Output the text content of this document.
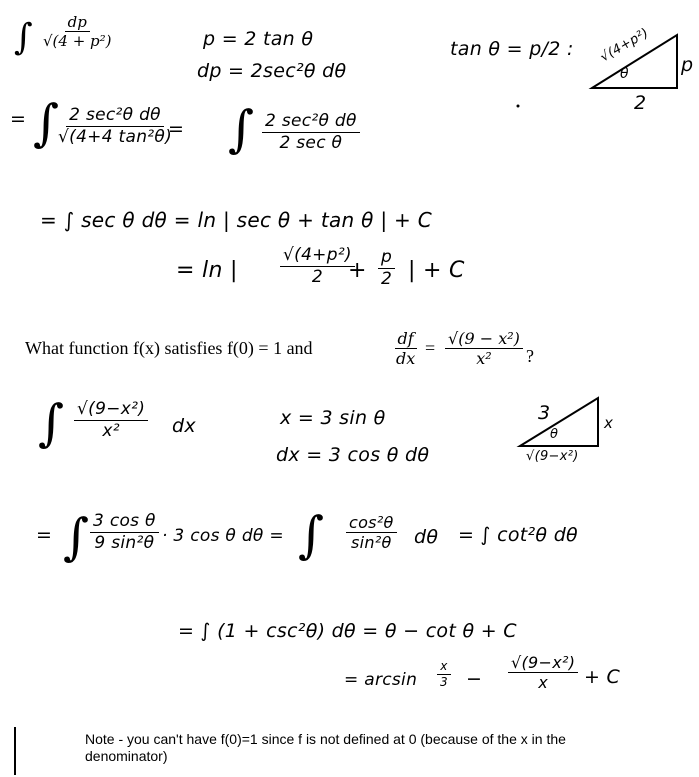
∫ $\frac{dp}{\text{√(4 + p²)}}$	p = 2 tan θ
dp = 2sec²θ dθ
tan θ = p/2 : √(4+p²) p
2
θ
= ∫ 2 sec²θ dθ
√(4+4 tan²θ)
= ∫ 2 sec²θ dθ
2 sec θ
= ∫ sec θ dθ = ln | sec θ + tan θ | + C
= ln | $\frac{\text{√(4+p²)}}{2}$
+ $\frac{p}{2}$ | + C
What function f(x) satisfies f(0) = 1 and	$\frac{df}{dx} = \frac{\text{√(9 − x²)}}{\text{x²}}$ ?
∫ $\frac{\text{√(9−x²)}}{\text{x²}}$ dx	x = 3 sin θ
dx = 3 cos θ dθ
3	x
√(9−x²)
θ
= ∫ $\frac{\text{3 cos θ}}{\text{9 sin²θ}} \cdot 3$ cos θ dθ = ∫ $\frac{\text{cos²θ}}{\text{sin²θ}}$ dθ = ∫ cot²θ dθ
= ∫ (1 + csc²θ) dθ = θ − cot θ + C
= $\arcsin \frac{x}{3} - \frac{\text{√(9−x²)}}{x} + C$
Note - you can't have f(0)=1 since f is not defined at 0 (because of the x in the denominator)
